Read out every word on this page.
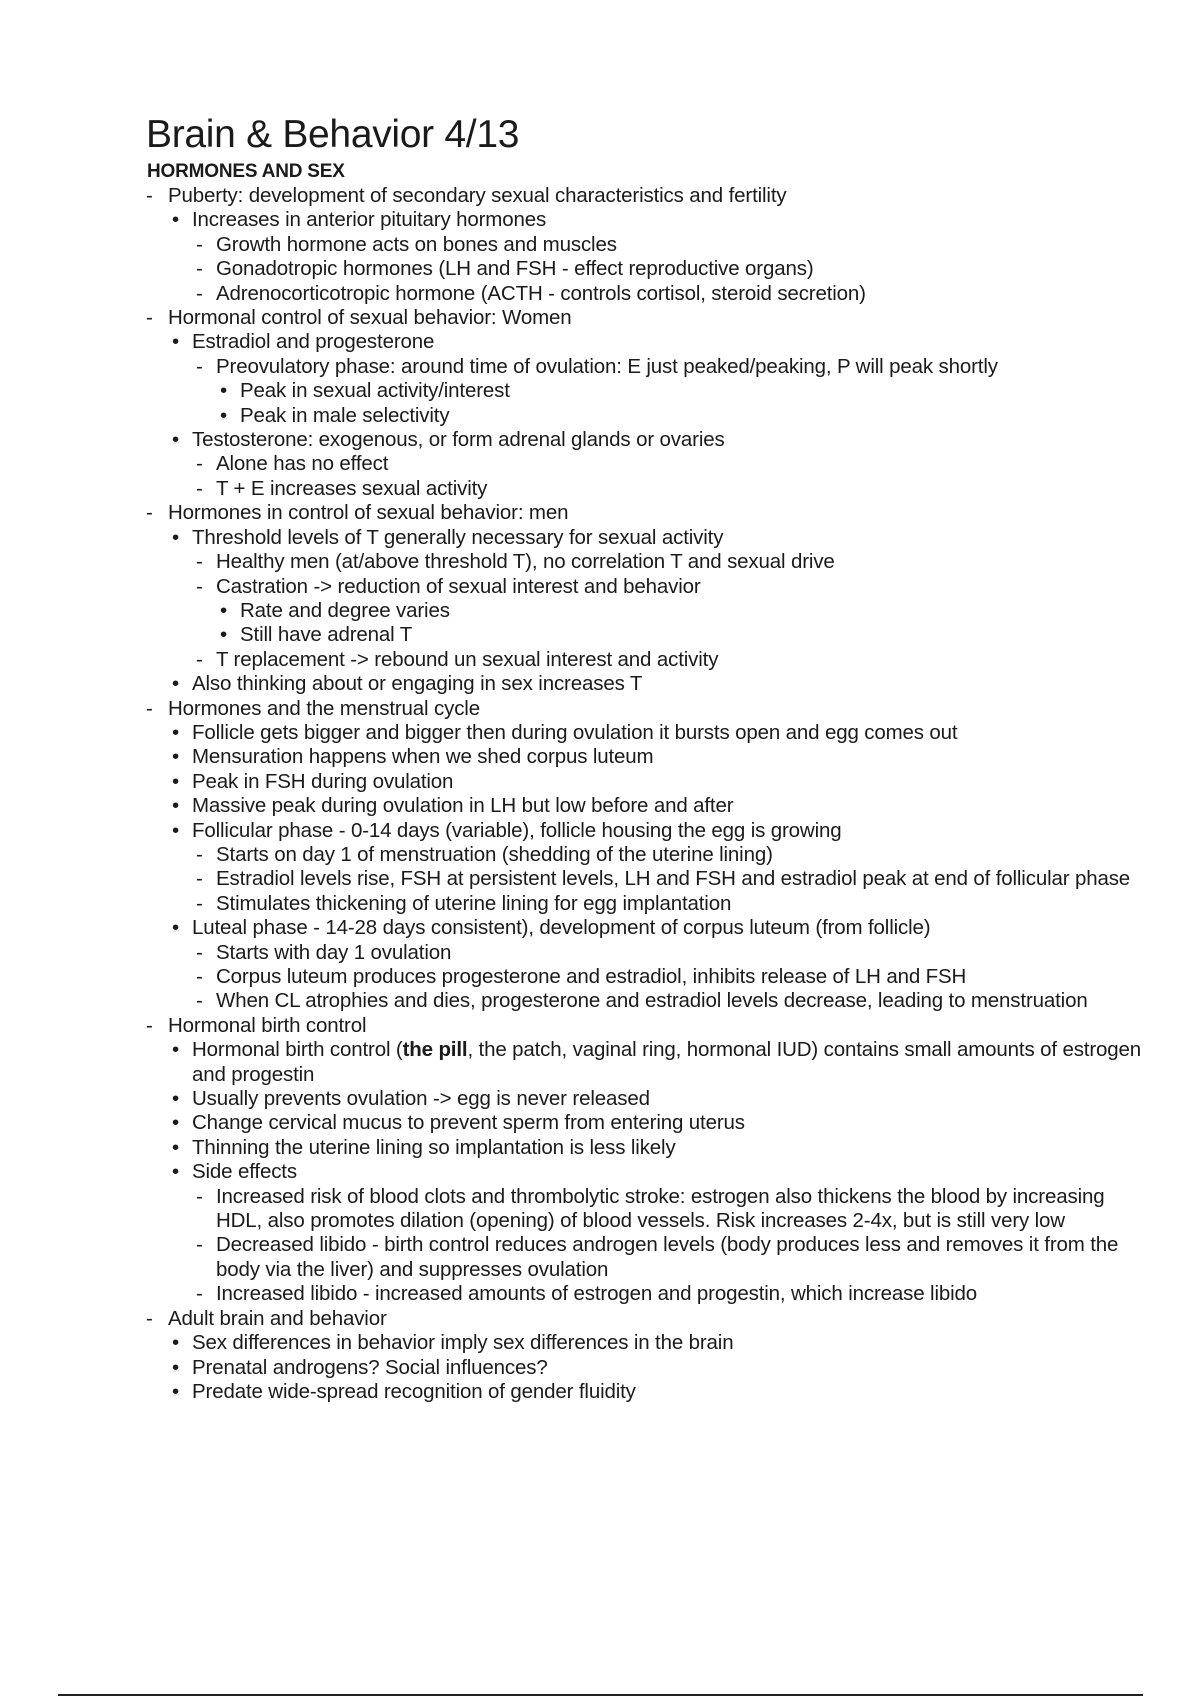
Brain & Behavior 4/13
HORMONES AND SEX
- Puberty: development of secondary sexual characteristics and fertility
• Increases in anterior pituitary hormones
- Growth hormone acts on bones and muscles
- Gonadotropic hormones (LH and FSH - effect reproductive organs)
- Adrenocorticotropic hormone (ACTH - controls cortisol, steroid secretion)
- Hormonal control of sexual behavior: Women
• Estradiol and progesterone
- Preovulatory phase: around time of ovulation: E just peaked/peaking, P will peak shortly
• Peak in sexual activity/interest
• Peak in male selectivity
• Testosterone: exogenous, or form adrenal glands or ovaries
- Alone has no effect
- T + E increases sexual activity
- Hormones in control of sexual behavior: men
• Threshold levels of T generally necessary for sexual activity
- Healthy men (at/above threshold T), no correlation T and sexual drive
- Castration -> reduction of sexual interest and behavior
• Rate and degree varies
• Still have adrenal T
- T replacement -> rebound un sexual interest and activity
• Also thinking about or engaging in sex increases T
- Hormones and the menstrual cycle
• Follicle gets bigger and bigger then during ovulation it bursts open and egg comes out
• Mensuration happens when we shed corpus luteum
• Peak in FSH during ovulation
• Massive peak during ovulation in LH but low before and after
• Follicular phase - 0-14 days (variable), follicle housing the egg is growing
- Starts on day 1 of menstruation (shedding of the uterine lining)
- Estradiol levels rise, FSH at persistent levels, LH and FSH and estradiol peak at end of follicular phase
- Stimulates thickening of uterine lining for egg implantation
• Luteal phase - 14-28 days consistent), development of corpus luteum (from follicle)
- Starts with day 1 ovulation
- Corpus luteum produces progesterone and estradiol, inhibits release of LH and FSH
- When CL atrophies and dies, progesterone and estradiol levels decrease, leading to menstruation
- Hormonal birth control
• Hormonal birth control (the pill, the patch, vaginal ring, hormonal IUD) contains small amounts of estrogen and progestin
• Usually prevents ovulation -> egg is never released
• Change cervical mucus to prevent sperm from entering uterus
• Thinning the uterine lining so implantation is less likely
• Side effects
- Increased risk of blood clots and thrombolytic stroke: estrogen also thickens the blood by increasing HDL, also promotes dilation (opening) of blood vessels. Risk increases 2-4x, but is still very low
- Decreased libido - birth control reduces androgen levels (body produces less and removes it from the body via the liver) and suppresses ovulation
- Increased libido - increased amounts of estrogen and progestin, which increase libido
- Adult brain and behavior
• Sex differences in behavior imply sex differences in the brain
• Prenatal androgens? Social influences?
• Predate wide-spread recognition of gender fluidity
